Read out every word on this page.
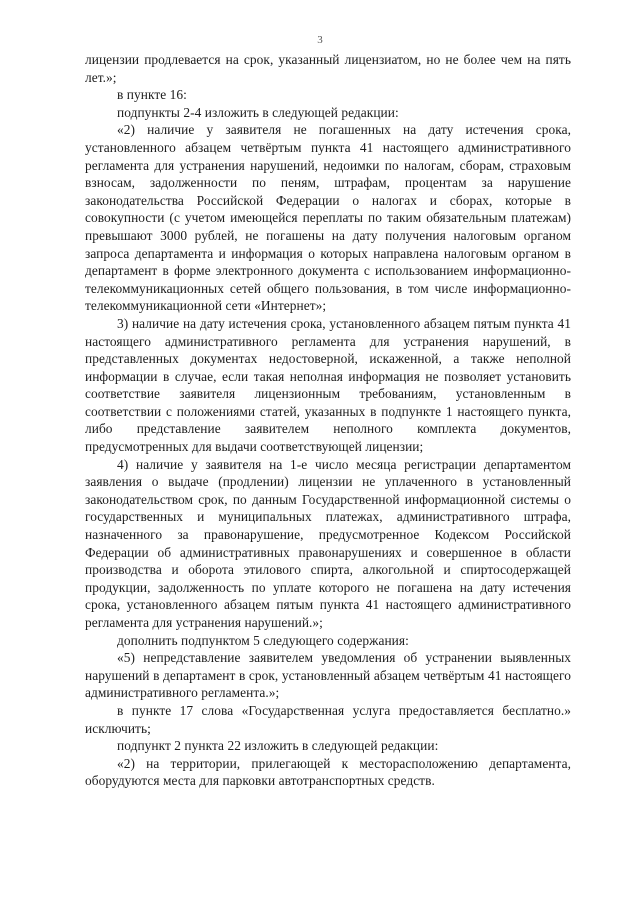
3

лицензии продлевается на срок, указанный лицензиатом, но не более чем на пять лет.»;

в пункте 16:

подпункты 2-4 изложить в следующей редакции:

«2) наличие у заявителя не погашенных на дату истечения срока, установленного абзацем четвёртым пункта 41 настоящего административного регламента для устранения нарушений, недоимки по налогам, сборам, страховым взносам, задолженности по пеням, штрафам, процентам за нарушение законодательства Российской Федерации о налогах и сборах, которые в совокупности (с учетом имеющейся переплаты по таким обязательным платежам) превышают 3000 рублей, не погашены на дату получения налоговым органом запроса департамента и информация о которых направлена налоговым органом в департамент в форме электронного документа с использованием информационно-телекоммуникационных сетей общего пользования, в том числе информационно-телекоммуникационной сети «Интернет»;

3) наличие на дату истечения срока, установленного абзацем пятым пункта 41 настоящего административного регламента для устранения нарушений, в представленных документах недостоверной, искаженной, а также неполной информации в случае, если такая неполная информация не позволяет установить соответствие заявителя лицензионным требованиям, установленным в соответствии с положениями статей, указанных в подпункте 1 настоящего пункта, либо представление заявителем неполного комплекта документов, предусмотренных для выдачи соответствующей лицензии;

4) наличие у заявителя на 1-е число месяца регистрации департаментом заявления о выдаче (продлении) лицензии не уплаченного в установленный законодательством срок, по данным Государственной информационной системы о государственных и муниципальных платежах, административного штрафа, назначенного за правонарушение, предусмотренное Кодексом Российской Федерации об административных правонарушениях и совершенное в области производства и оборота этилового спирта, алкогольной и спиртосодержащей продукции, задолженность по уплате которого не погашена на дату истечения срока, установленного абзацем пятым пункта 41 настоящего административного регламента для устранения нарушений.»;

дополнить подпунктом 5 следующего содержания:

«5) непредставление заявителем уведомления об устранении выявленных нарушений в департамент в срок, установленный абзацем четвёртым 41 настоящего административного регламента.»;

в пункте 17 слова «Государственная услуга предоставляется бесплатно.» исключить;

подпункт 2 пункта 22 изложить в следующей редакции:

«2) на территории, прилегающей к месторасположению департамента, оборудуются места для парковки автотранспортных средств.
